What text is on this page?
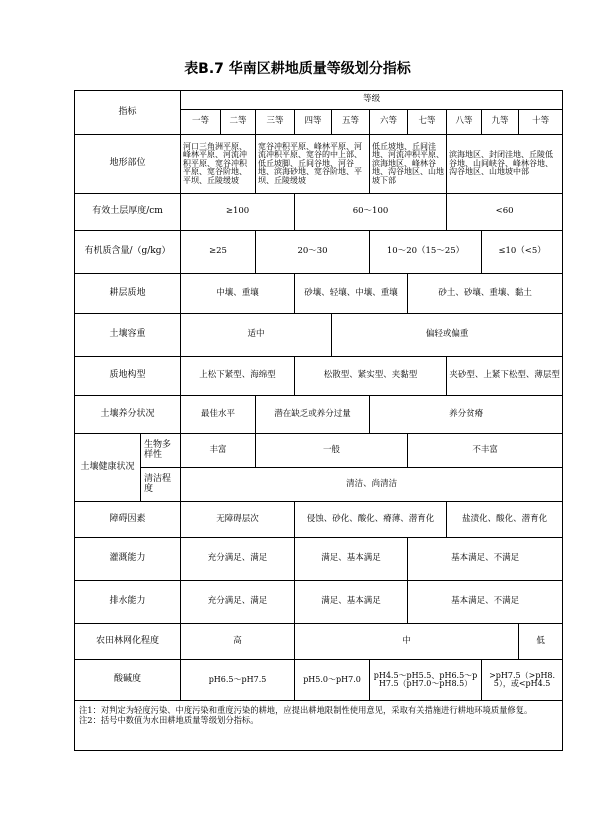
表B.7 华南区耕地质量等级划分指标
指标		等级									
		一等	二等	三等	四等	五等	六等	七等	八等	九等	十等
地形部位		河口三角洲平原、峰林平原、河流冲积平原、宽谷冲积平原、宽谷阶地、平坝、丘陵缓坡		宽谷冲积平原、峰林平原、河流冲积平原、宽谷的中上部、低丘坡脚、丘间谷地、河谷地、滨海砂地、宽谷阶地、平坝、丘陵缓坡			低丘坡地、丘间洼地、河流冲积平原、滨海地区、峰林谷地、沟谷地区、山地坡下部		滨海地区、封闭洼地、丘陵低谷地、山间峡谷、峰林谷地、沟谷地区、山地坡中部		
有效土层厚度/cm		≥100			60～100				<60		
有机质含量/（g/kg）		≥25		20～30			10～20（15～25）			≤10（<5）	
耕层质地		中壤、重壤			砂壤、轻壤、中壤、重壤			砂土、砂壤、重壤、黏土			
土壤容重		适中				偏轻或偏重					
质地构型		上松下紧型、海绵型			松散型、紧实型、夹黏型				夹砂型、上紧下松型、薄层型		
土壤养分状况		最佳水平		潜在缺乏或养分过量			养分贫瘠				
土壤健康状况	生物多样性	丰富		一般				不丰富			
	清洁程度	清洁、尚清洁									
障碍因素		无障碍层次			侵蚀、砂化、酸化、瘠薄、潜育化				盐渍化、酸化、潜育化		
灌溉能力		充分满足、满足			满足、基本满足			基本满足、不满足			
排水能力		充分满足、满足			满足、基本满足			基本满足、不满足			
农田林网化程度		高			中						低
酸碱度		pH6.5～pH7.5			pH5.0～pH7.0		pH4.5～pH5.5、pH6.5～pH7.5（pH7.0～pH8.5）			>pH7.5（>pH8.5），或<pH4.5	

注1：对判定为轻度污染、中度污染和重度污染的耕地，应提出耕地限制性使用意见，采取有关措施进行耕地环境质量修复。
注2：括号中数值为水田耕地质量等级划分指标。											
